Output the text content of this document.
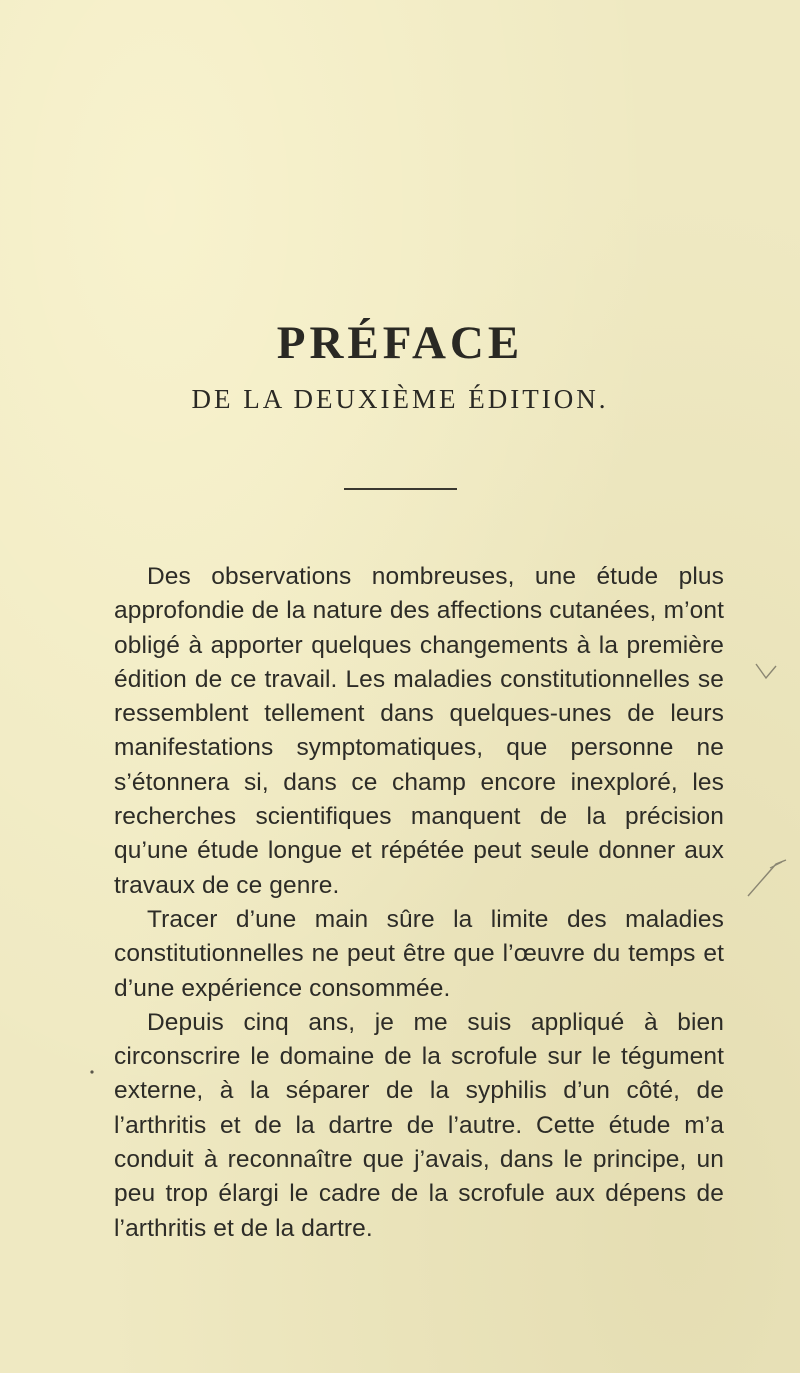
PRÉFACE
DE LA DEUXIÈME ÉDITION.

Des observations nombreuses, une étude plus approfondie de la nature des affections cutanées, m’ont obligé à apporter quelques changements à la première édition de ce travail. Les maladies constitutionnelles se ressemblent tellement dans quelques-unes de leurs manifestations symptomatiques, que personne ne s’étonnera si, dans ce champ encore inexploré, les recherches scientifiques manquent de la précision qu’une étude longue et répétée peut seule donner aux travaux de ce genre.

Tracer d’une main sûre la limite des maladies constitutionnelles ne peut être que l’œuvre du temps et d’une expérience consommée.

Depuis cinq ans, je me suis appliqué à bien circonscrire le domaine de la scrofule sur le tégument externe, à la séparer de la syphilis d’un côté, de l’arthritis et de la dartre de l’autre. Cette étude m’a conduit à reconnaître que j’avais, dans le principe, un peu trop élargi le cadre de la scrofule aux dépens de l’arthritis et de la dartre.
